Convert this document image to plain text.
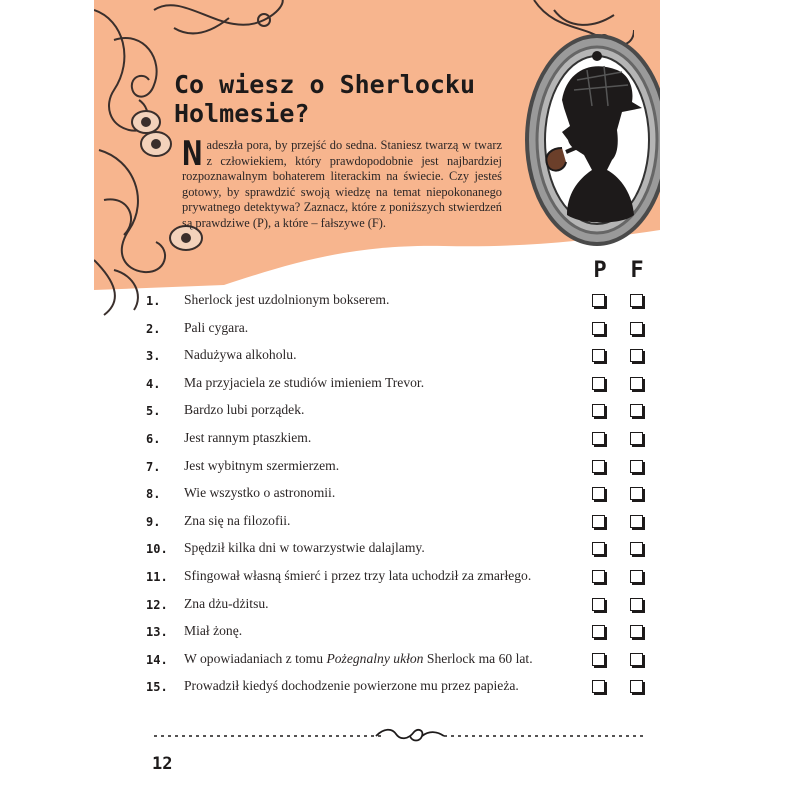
Co wiesz o Sherlocku
Holmesie?

Nadeszła pora, by przejść do sedna. Staniesz twarzą w twarz z człowiekiem, który prawdopodobnie jest najbardziej rozpoznawalnym bohaterem literackim na świecie. Czy jesteś gotowy, by sprawdzić swoją wiedzę na temat niepokonanego prywatnego detektywa? Zaznacz, które z poniższych stwierdzeń są prawdziwe (P), a które – fałszywe (F).

P F
1.	Sherlock jest uzdolnionym bokserem.
2.	Pali cygara.
3.	Nadużywa alkoholu.
4.	Ma przyjaciela ze studiów imieniem Trevor.
5.	Bardzo lubi porządek.
6.	Jest rannym ptaszkiem.
7.	Jest wybitnym szermierzem.
8.	Wie wszystko o astronomii.
9.	Zna się na filozofii.
10.	Spędził kilka dni w towarzystwie dalajlamy.
11.	Sfingował własną śmierć i przez trzy lata uchodził za zmarłego.
12.	Zna dżu-dżitsu.
13.	Miał żonę.
14.	W opowiadaniach z tomu Pożegnalny ukłon Sherlock ma 60 lat.
15.	Prowadził kiedyś dochodzenie powierzone mu przez papieża.
12
